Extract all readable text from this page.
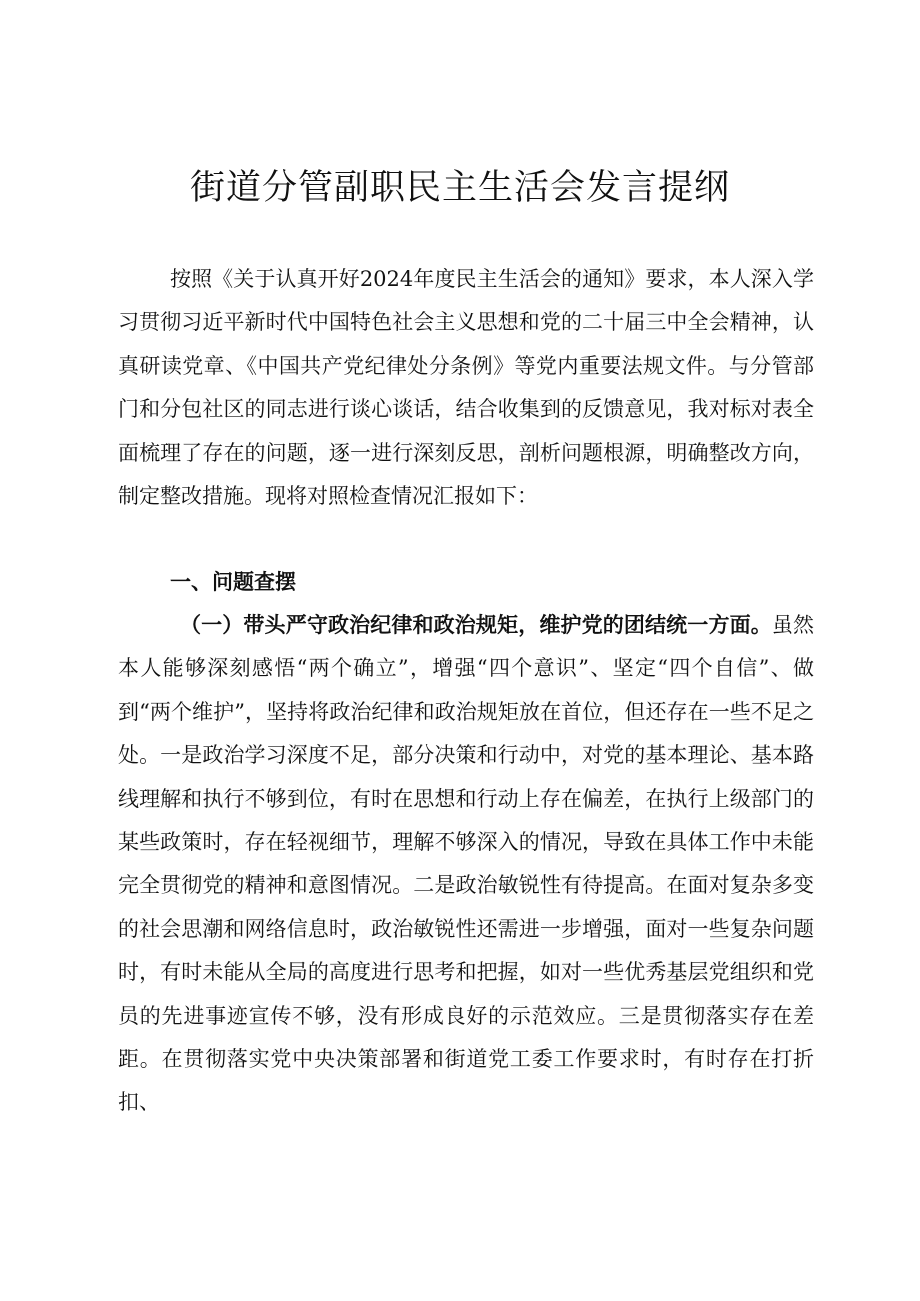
街道分管副职民主生活会发言提纲

按照《关于认真开好2024年度民主生活会的通知》要求，本人深入学习贯彻习近平新时代中国特色社会主义思想和党的二十届三中全会精神，认真研读党章、《中国共产党纪律处分条例》等党内重要法规文件。与分管部门和分包社区的同志进行谈心谈话，结合收集到的反馈意见，我对标对表全面梳理了存在的问题，逐一进行深刻反思，剖析问题根源，明确整改方向，制定整改措施。现将对照检查情况汇报如下：

一、问题查摆

（一）带头严守政治纪律和政治规矩，维护党的团结统一方面。虽然本人能够深刻感悟“两个确立”，增强“四个意识”、坚定“四个自信”、做到“两个维护”，坚持将政治纪律和政治规矩放在首位，但还存在一些不足之处。一是政治学习深度不足，部分决策和行动中，对党的基本理论、基本路线理解和执行不够到位，有时在思想和行动上存在偏差，在执行上级部门的某些政策时，存在轻视细节，理解不够深入的情况，导致在具体工作中未能完全贯彻党的精神和意图情况。二是政治敏锐性有待提高。在面对复杂多变的社会思潮和网络信息时，政治敏锐性还需进一步增强，面对一些复杂问题时，有时未能从全局的高度进行思考和把握，如对一些优秀基层党组织和党员的先进事迹宣传不够，没有形成良好的示范效应。三是贯彻落实存在差距。在贯彻落实党中央决策部署和街道党工委工作要求时，有时存在打折扣、
